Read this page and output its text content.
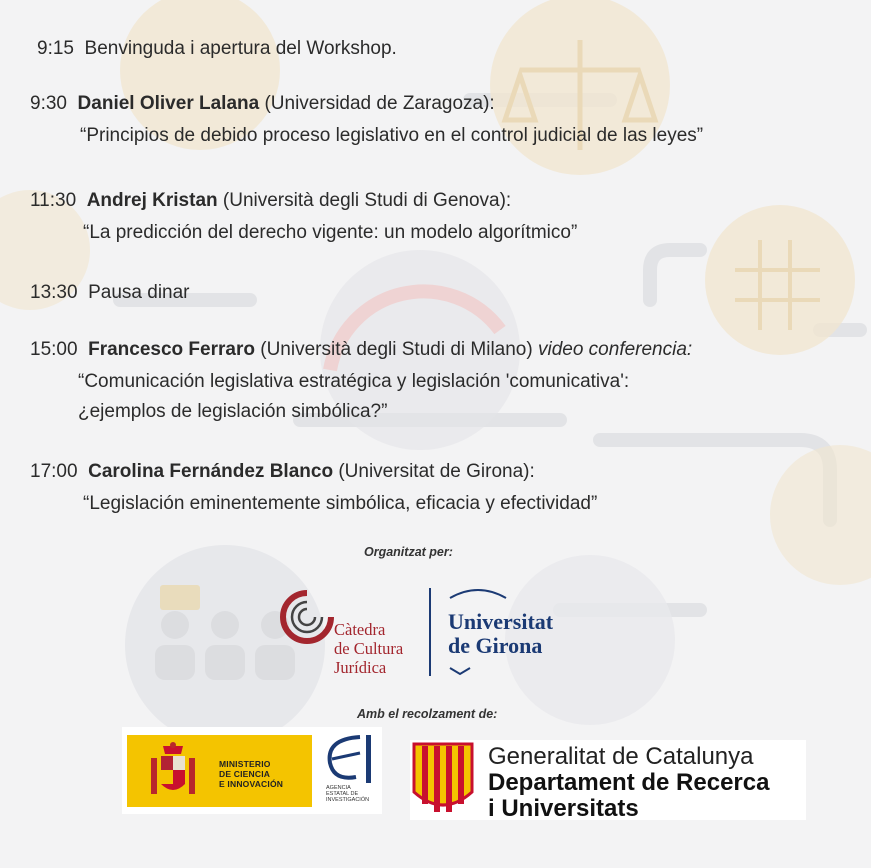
9:15 Benvinguda i apertura del Workshop.
9:30 Daniel Oliver Lalana (Universidad de Zaragoza):
“Principios de debido proceso legislativo en el control judicial de las leyes”
11:30 Andrej Kristan (Università degli Studi di Genova):
“La predicción del derecho vigente: un modelo algorítmico”
13:30 Pausa dinar
15:00 Francesco Ferraro (Università degli Studi di Milano) video conferencia:
“Comunicación legislativa estratégica y legislación 'comunicativa':
¿ejemplos de legislación simbólica?”
17:00 Carolina Fernández Blanco (Universitat de Girona):
“Legislación eminentemente simbólica, eficacia y efectividad”
Organitzat per:
Càtedra
de Cultura
Jurídica
Universitat
de Girona
Amb el recolzament de:
MINISTERIO
DE CIENCIA
E INNOVACIÓN	AGENCIA
ESTATAL DE
INVESTIGACIÓN
Generalitat de Catalunya
Departament de Recerca
i Universitats
